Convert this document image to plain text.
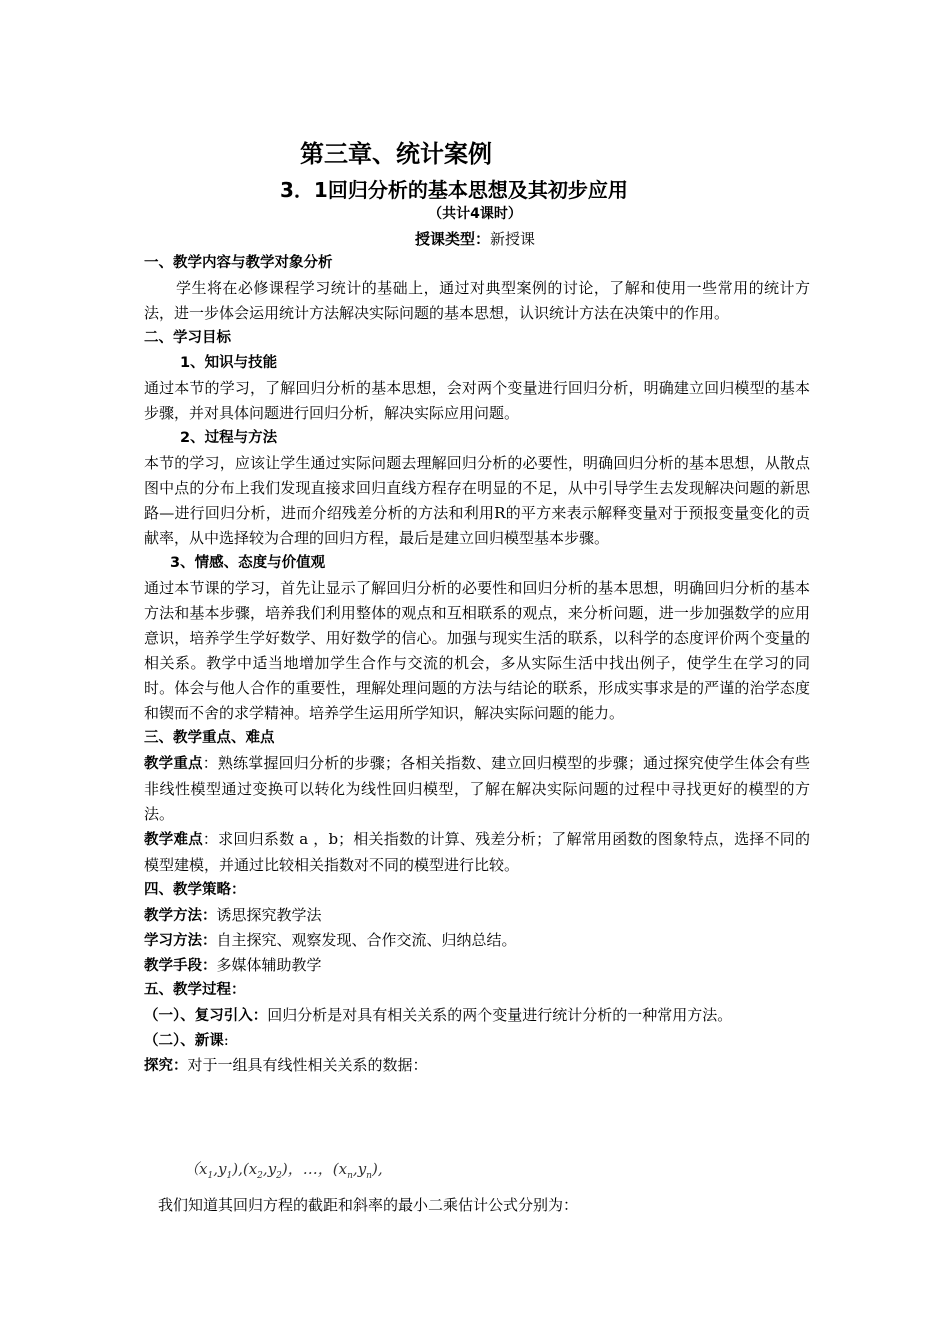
第三章、统计案例
3．1回归分析的基本思想及其初步应用
（共计4课时）
授课类型：新授课
一、教学内容与教学对象分析
学生将在必修课程学习统计的基础上，通过对典型案例的讨论，了解和使用一些常用的统计方法，进一步体会运用统计方法解决实际问题的基本思想，认识统计方法在决策中的作用。
二、学习目标
1、知识与技能
通过本节的学习，了解回归分析的基本思想，会对两个变量进行回归分析，明确建立回归模型的基本步骤，并对具体问题进行回归分析，解决实际应用问题。
2、过程与方法
本节的学习，应该让学生通过实际问题去理解回归分析的必要性，明确回归分析的基本思想，从散点图中点的分布上我们发现直接求回归直线方程存在明显的不足，从中引导学生去发现解决问题的新思路—进行回归分析，进而介绍残差分析的方法和利用R的平方来表示解释变量对于预报变量变化的贡献率，从中选择较为合理的回归方程，最后是建立回归模型基本步骤。
3、情感、态度与价值观
通过本节课的学习，首先让显示了解回归分析的必要性和回归分析的基本思想，明确回归分析的基本方法和基本步骤，培养我们利用整体的观点和互相联系的观点，来分析问题，进一步加强数学的应用意识，培养学生学好数学、用好数学的信心。加强与现实生活的联系，以科学的态度评价两个变量的相关系。教学中适当地增加学生合作与交流的机会，多从实际生活中找出例子，使学生在学习的同时。体会与他人合作的重要性，理解处理问题的方法与结论的联系，形成实事求是的严谨的治学态度和锲而不舍的求学精神。培养学生运用所学知识，解决实际问题的能力。
三、教学重点、难点
教学重点：熟练掌握回归分析的步骤；各相关指数、建立回归模型的步骤；通过探究使学生体会有些非线性模型通过变换可以转化为线性回归模型，了解在解决实际问题的过程中寻找更好的模型的方法。
教学难点：求回归系数 a ，b；相关指数的计算、残差分析；了解常用函数的图象特点，选择不同的模型建模，并通过比较相关指数对不同的模型进行比较。
四、教学策略：
教学方法：诱思探究教学法
学习方法：自主探究、观察发现、合作交流、归纳总结。
教学手段：多媒体辅助教学
五、教学过程：
（一）、复习引入：回归分析是对具有相关关系的两个变量进行统计分析的一种常用方法。
（二）、新课:
探究：对于一组具有线性相关关系的数据：
$(x_1,y_1),(x_2,y_2)$，…，$(x_n,y_n)$,
我们知道其回归方程的截距和斜率的最小二乘估计公式分别为：
